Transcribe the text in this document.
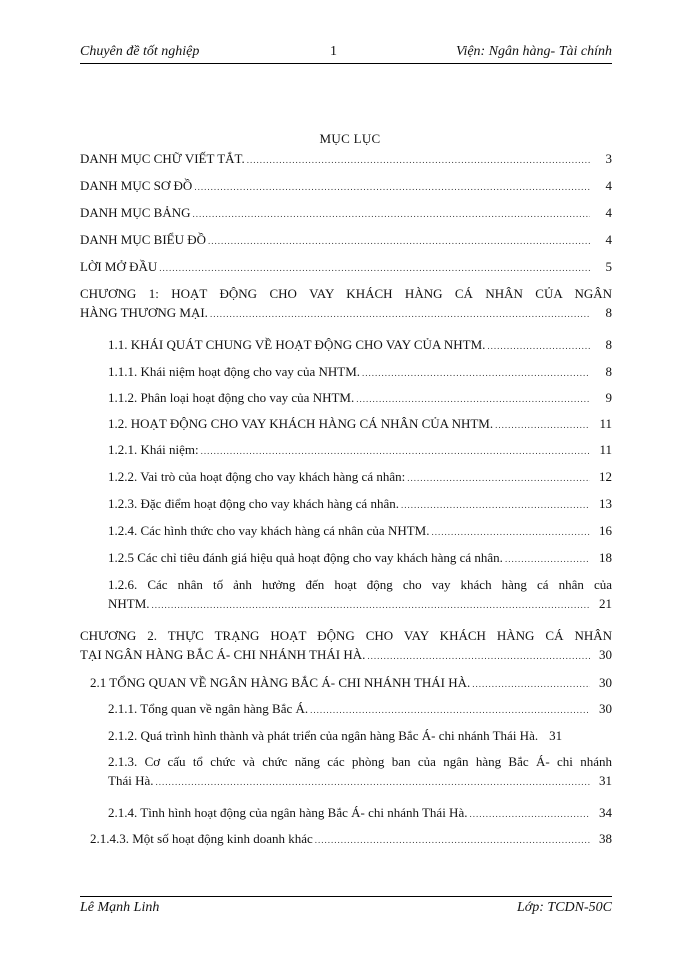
Chuyên đề tốt nghiệp	1	Viện: Ngân hàng- Tài chính
MỤC LỤC
DANH MỤC CHỮ VIẾT TẮT. .....	3
DANH MỤC SƠ ĐỒ .....	4
DANH MỤC BẢNG .....	4
DANH MỤC BIỂU ĐỒ .....	4
LỜI MỞ ĐẦU .....	5
CHƯƠNG 1: HOẠT ĐỘNG CHO VAY KHÁCH HÀNG CÁ NHÂN CỦA NGÂN
HÀNG THƯƠNG MẠI. .....	8
1.1. KHÁI QUÁT CHUNG VỀ HOẠT ĐỘNG CHO VAY CỦA NHTM. .....	8
1.1.1. Khái niệm hoạt động cho vay của NHTM. .....	8
1.1.2. Phân loại hoạt động cho vay của NHTM. .....	9
1.2. HOẠT ĐỘNG CHO VAY KHÁCH HÀNG CÁ NHÂN CỦA NHTM. .....	11
1.2.1. Khái niệm: .....	11
1.2.2. Vai trò của hoạt động cho vay khách hàng cá nhân: .....	12
1.2.3. Đặc điểm hoạt động cho vay khách hàng cá nhân. .....	13
1.2.4. Các hình thức cho vay khách hàng cá nhân của NHTM. .....	16
1.2.5 Các chỉ tiêu đánh giá hiệu quả hoạt động cho vay khách hàng cá nhân. .....	18
1.2.6. Các nhân tố ảnh hưởng đến hoạt động cho vay khách hàng cá nhân của
NHTM. .....	21
CHƯƠNG 2. THỰC TRẠNG HOẠT ĐỘNG CHO VAY KHÁCH HÀNG CÁ NHÂN
TẠI NGÂN HÀNG BẮC Á- CHI NHÁNH THÁI HÀ. .....	30
2.1 TỔNG QUAN VỀ NGÂN HÀNG BẮC Á- CHI NHÁNH THÁI HÀ. .....	30
2.1.1. Tổng quan về ngân hàng Bắc Á. .....	30
2.1.2. Quá trình hình thành và phát triển của ngân hàng Bắc Á- chi nhánh Thái Hà. 31
2.1.3. Cơ cấu tổ chức và chức năng các phòng ban của ngân hàng Bắc Á- chi nhánh
Thái Hà. .....	31
2.1.4. Tình hình hoạt động của ngân hàng Bắc Á- chi nhánh Thái Hà. .....	34
2.1.4.3. Một số hoạt động kinh doanh khác .....	38
Lê Mạnh Linh	Lớp: TCDN-50C
